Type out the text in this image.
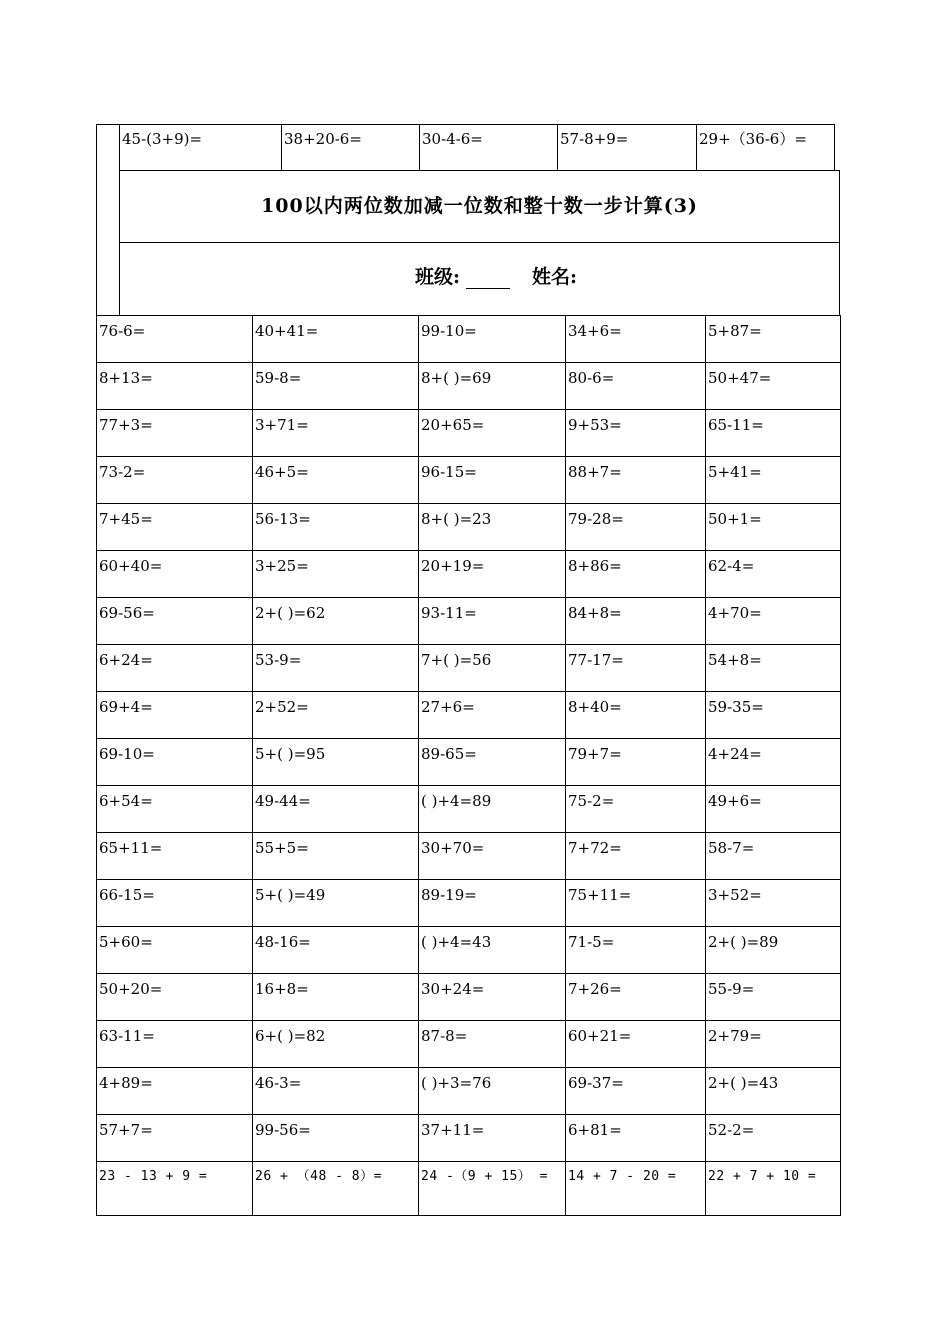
45-(3+9)=	38+20-6=	30-4-6=	57-8+9=	29+（36-6）=
100以内两位数加减一位数和整十数一步计算(3)
班级:	姓名:
76-6=	40+41=	99-10=	34+6=	5+87=
8+13=	59-8=	8+( )=69	80-6=	50+47=
77+3=	3+71=	20+65=	9+53=	65-11=
73-2=	46+5=	96-15=	88+7=	5+41=
7+45=	56-13=	8+( )=23	79-28=	50+1=
60+40=	3+25=	20+19=	8+86=	62-4=
69-56=	2+( )=62	93-11=	84+8=	4+70=
6+24=	53-9=	7+( )=56	77-17=	54+8=
69+4=	2+52=	27+6=	8+40=	59-35=
69-10=	5+( )=95	89-65=	79+7=	4+24=
6+54=	49-44=	( )+4=89	75-2=	49+6=
65+11=	55+5=	30+70=	7+72=	58-7=
66-15=	5+( )=49	89-19=	75+11=	3+52=
5+60=	48-16=	( )+4=43	71-5=	2+( )=89
50+20=	16+8=	30+24=	7+26=	55-9=
63-11=	6+( )=82	87-8=	60+21=	2+79=
4+89=	46-3=	( )+3=76	69-37=	2+( )=43
57+7=	99-56=	37+11=	6+81=	52-2=
23 - 13 + 9 =	26 + （48 - 8）=	24 -（9 + 15） =	14 + 7 - 20 =	22 + 7 + 10 =
